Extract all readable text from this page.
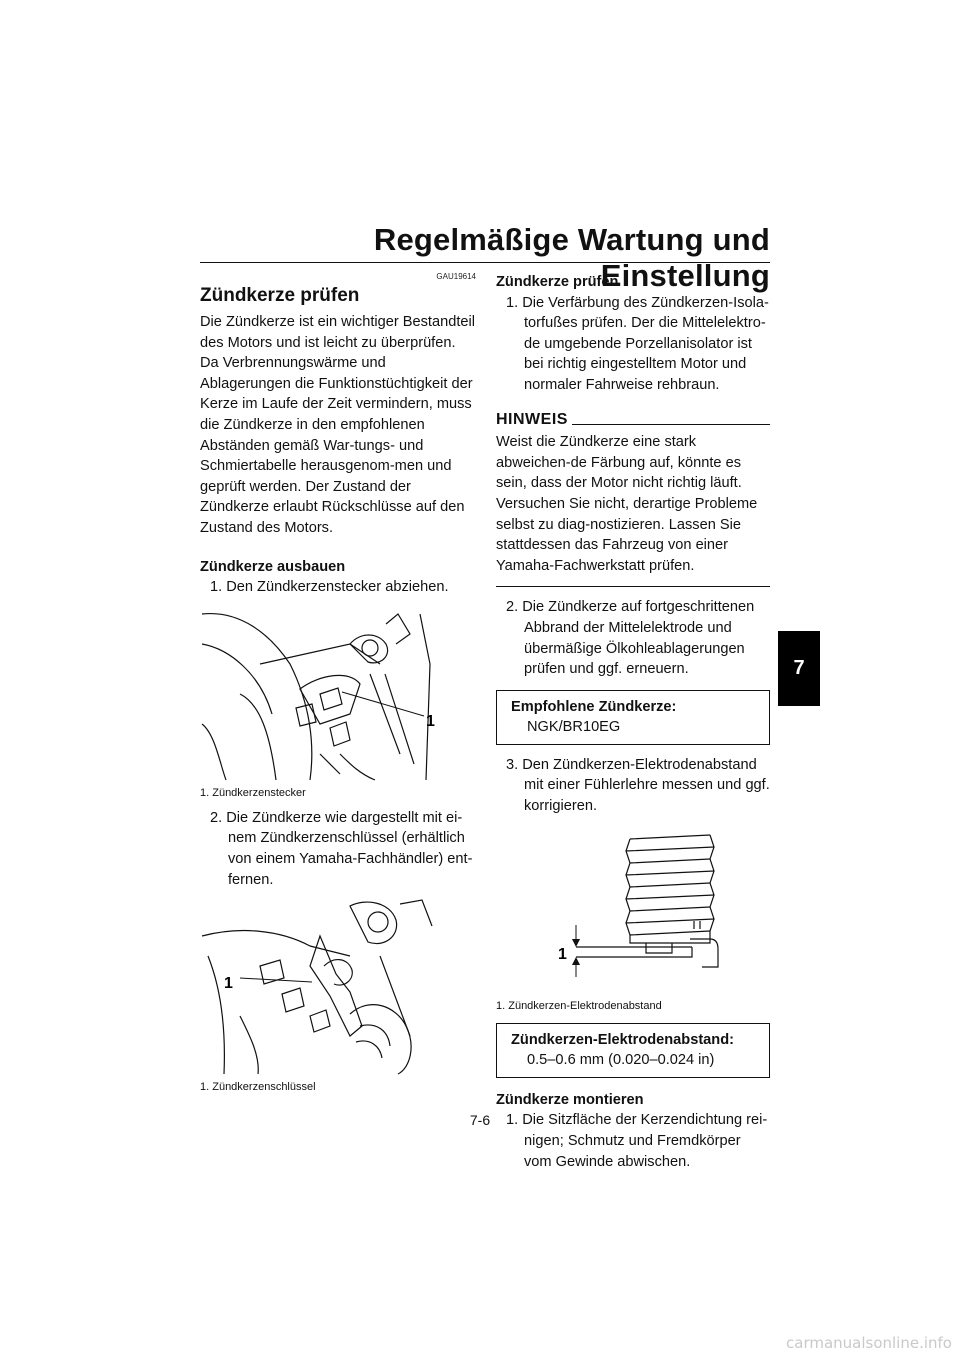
Regelmäßige Wartung und Einstellung
7
GAU19614
Zündkerze prüfen

Die Zündkerze ist ein wichtiger Bestandteil des Motors und ist leicht zu überprüfen. Da Verbrennungswärme und Ablagerungen die Funktionstüchtigkeit der Kerze im Laufe der Zeit vermindern, muss die Zündkerze in den empfohlenen Abständen gemäß War-tungs- und Schmiertabelle herausgenom-men und geprüft werden. Der Zustand der Zündkerze erlaubt Rückschlüsse auf den Zustand des Motors.

Zündkerze ausbauen

1. Den Zündkerzenstecker abziehen.

1

1. Zündkerzenstecker

2. Die Zündkerze wie dargestellt mit ei-nem Zündkerzenschlüssel (erhältlich von einem Yamaha-Fachhändler) ent-fernen.

1

1. Zündkerzenschlüssel

Zündkerze prüfen

1. Die Verfärbung des Zündkerzen-Isola-torfußes prüfen. Der die Mittelelektro-de umgebende Porzellanisolator ist bei richtig eingestelltem Motor und normaler Fahrweise rehbraun.

HINWEIS

Weist die Zündkerze eine stark abweichen-de Färbung auf, könnte es sein, dass der Motor nicht richtig läuft. Versuchen Sie nicht, derartige Probleme selbst zu diag-nostizieren. Lassen Sie stattdessen das Fahrzeug von einer Yamaha-Fachwerkstatt prüfen.

2. Die Zündkerze auf fortgeschrittenen Abbrand der Mittelelektrode und übermäßige Ölkohleablagerungen prüfen und ggf. erneuern.

Empfohlene Zündkerze:
NGK/BR10EG

3. Den Zündkerzen-Elektrodenabstand mit einer Fühlerlehre messen und ggf. korrigieren.

1

1. Zündkerzen-Elektrodenabstand

Zündkerzen-Elektrodenabstand:
0.5–0.6 mm (0.020–0.024 in)

Zündkerze montieren

1. Die Sitzfläche der Kerzendichtung rei-nigen; Schmutz und Fremdkörper vom Gewinde abwischen.

7-6
carmanualsonline.info
